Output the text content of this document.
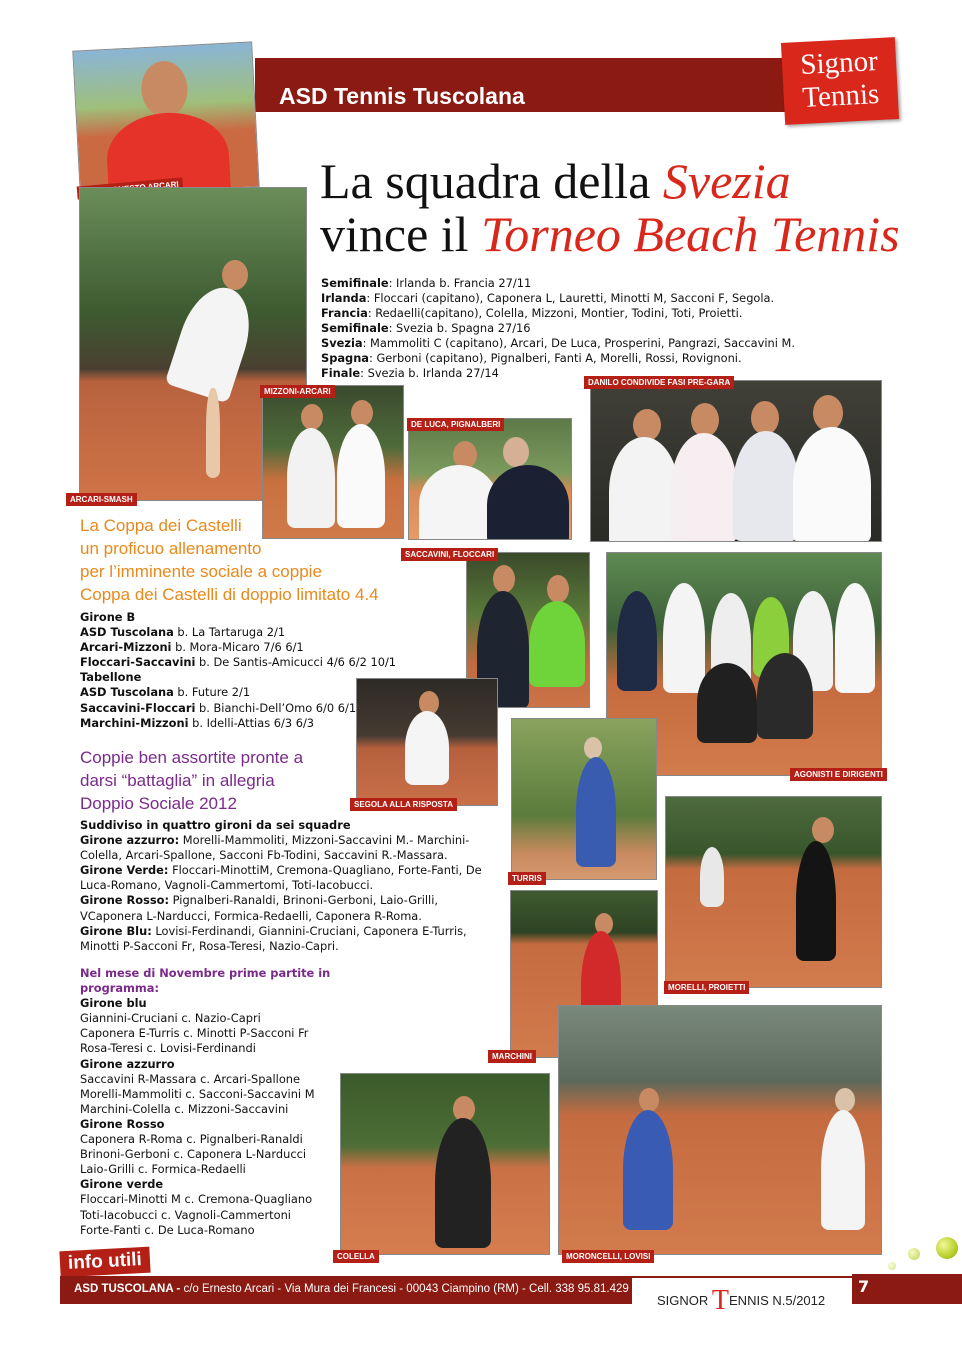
ASD Tennis Tuscolana
Signor
Tennis
La squadra della Svezia
vince il Torneo Beach Tennis
Semifinale: Irlanda b. Francia 27/11
Irlanda: Floccari (capitano), Caponera L, Lauretti, Minotti M, Sacconi F, Segola.
Francia: Redaelli(capitano), Colella, Mizzoni, Montier, Todini, Toti, Proietti.
Semifinale: Svezia b. Spagna 27/16
Svezia: Mammoliti C (capitano), Arcari, De Luca, Prosperini, Pangrazi, Saccavini M.
Spagna: Gerboni (capitano), Pignalberi, Fanti A, Morelli, Rossi, Rovignoni.
Finale: Svezia b. Irlanda 27/14
ARCARI-SMASH
MIZZONI-ARCARI
DE LUCA, PIGNALBERI
DANILO CONDIVIDE FASI PRE-GARA
SACCAVINI, FLOCCARI
AGONISTI E DIRIGENTI
SEGOLA ALLA RISPOSTA
TURRIS
MORELLI, PROIETTI
MARCHINI
COLELLA	MORONCELLI, LOVISI
La Coppa dei Castelli
un proficuo allenamento
per l’imminente sociale a coppie
Coppa dei Castelli di doppio limitato 4.4
Girone B
ASD Tuscolana b. La Tartaruga 2/1
Arcari-Mizzoni b. Mora-Micaro 7/6 6/1
Floccari-Saccavini b. De Santis-Amicucci 4/6 6/2 10/1
Tabellone
ASD Tuscolana b. Future 2/1
Saccavini-Floccari b. Bianchi-Dell’Omo 6/0 6/1
Marchini-Mizzoni b. Idelli-Attias 6/3 6/3
Coppie ben assortite pronte a
darsi “battaglia” in allegria
Doppio Sociale 2012
Suddiviso in quattro gironi da sei squadre
Girone azzurro: Morelli-Mammoliti, Mizzoni-Saccavini M.- Marchini-Colella, Arcari-Spallone, Sacconi Fb-Todini, Saccavini R.-Massara.
Girone Verde: Floccari-MinottiM, Cremona-Quagliano, Forte-Fanti, De Luca-Romano, Vagnoli-Cammertomi, Toti-Iacobucci.
Girone Rosso: Pignalberi-Ranaldi, Brinoni-Gerboni, Laio-Grilli, VCaponera L-Narducci, Formica-Redaelli, Caponera R-Roma.
Girone Blu: Lovisi-Ferdinandi, Giannini-Cruciani, Caponera E-Turris, Minotti P-Sacconi Fr, Rosa-Teresi, Nazio-Capri.
Nel mese di Novembre prime partite in programma:
Girone blu
Giannini-Cruciani c. Nazio-Capri
Caponera E-Turris c. Minotti P-Sacconi Fr
Rosa-Teresi c. Lovisi-Ferdinandi
Girone azzurro
Saccavini R-Massara c. Arcari-Spallone
Morelli-Mammoliti c. Sacconi-Saccavini M
Marchini-Colella c. Mizzoni-Saccavini
Girone Rosso
Caponera R-Roma c. Pignalberi-Ranaldi
Brinoni-Gerboni c. Caponera L-Narducci
Laio-Grilli c. Formica-Redaelli
Girone verde
Floccari-Minotti M c. Cremona-Quagliano
Toti-Iacobucci c. Vagnoli-Cammertoni
Forte-Fanti c. De Luca-Romano
info utili
ASD TUSCOLANA - c/o Ernesto Arcari - Via Mura dei Francesi - 00043 Ciampino (RM) - Cell. 338 95.81.429
SIGNOR TENNIS N.5/2012
7
